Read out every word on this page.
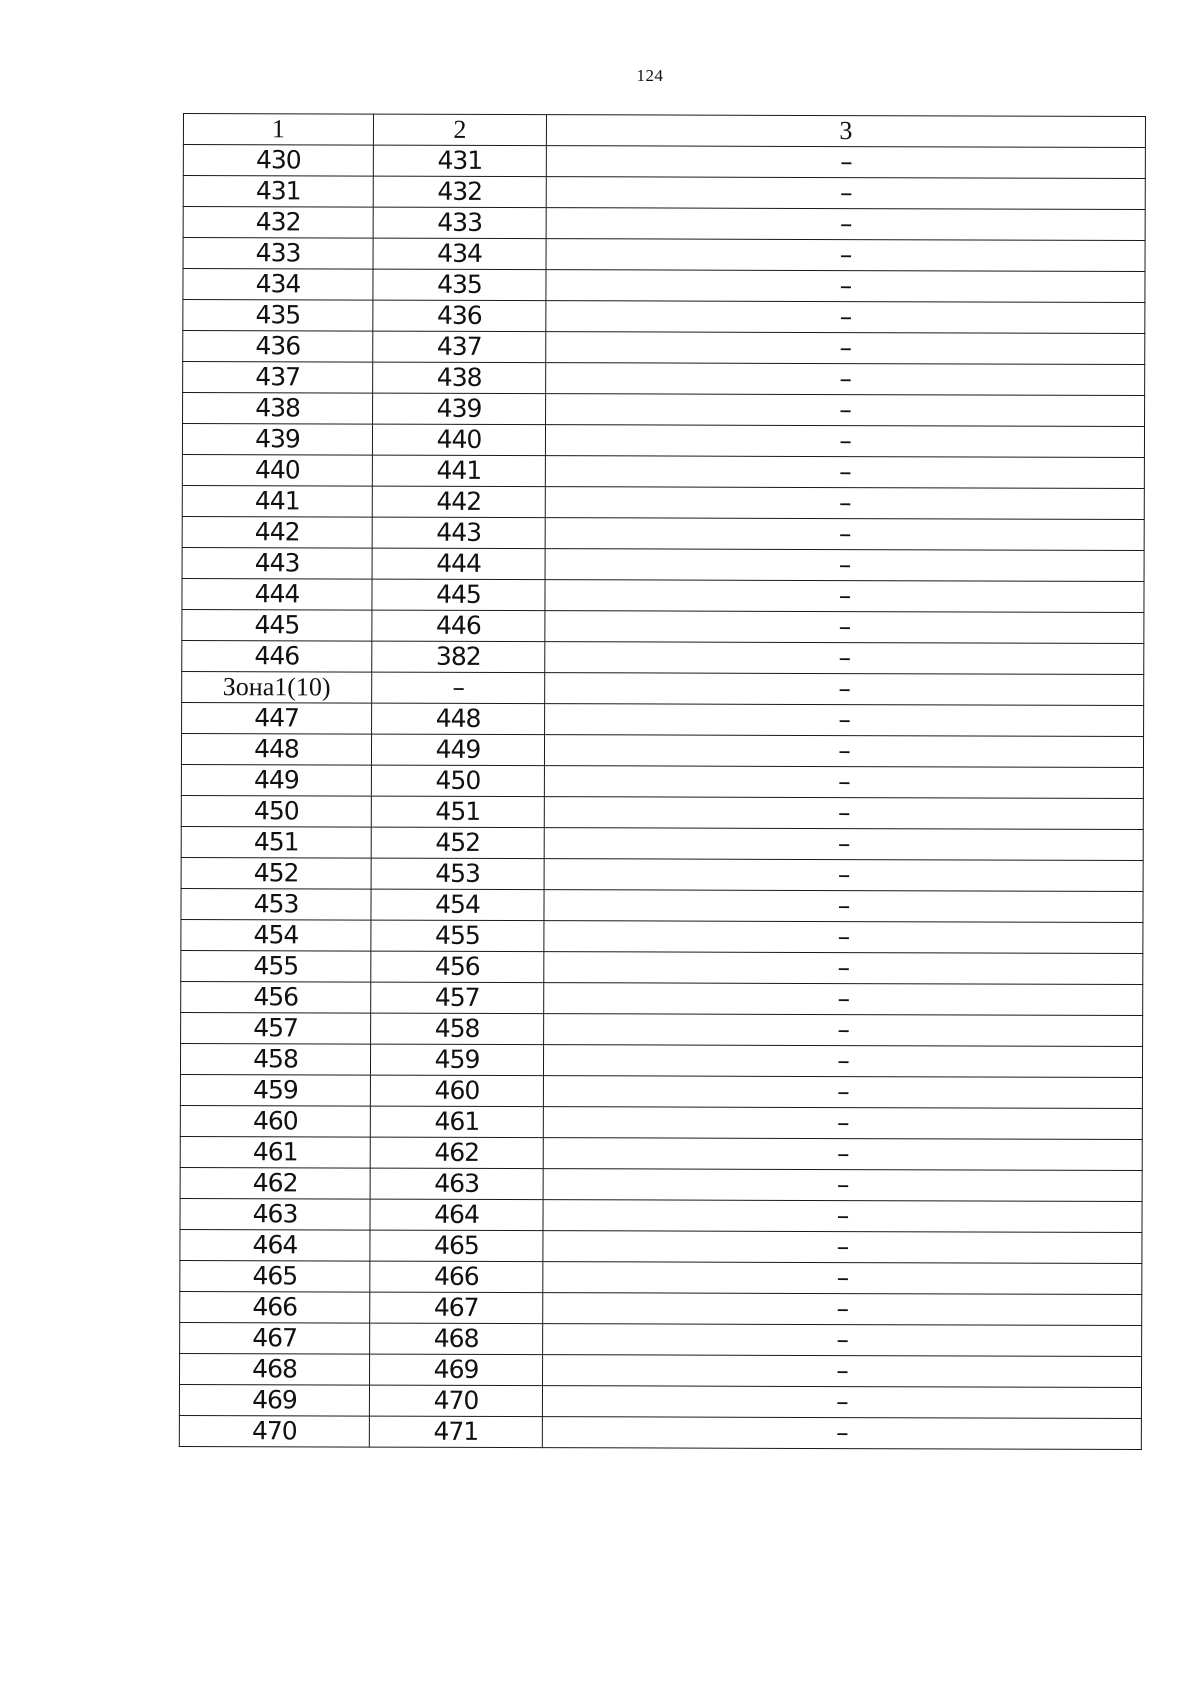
124
1	2	3
430	431	–
431	432	–
432	433	–
433	434	–
434	435	–
435	436	–
436	437	–
437	438	–
438	439	–
439	440	–
440	441	–
441	442	–
442	443	–
443	444	–
444	445	–
445	446	–
446	382	–
Зона1(10)	–	–
447	448	–
448	449	–
449	450	–
450	451	–
451	452	–
452	453	–
453	454	–
454	455	–
455	456	–
456	457	–
457	458	–
458	459	–
459	460	–
460	461	–
461	462	–
462	463	–
463	464	–
464	465	–
465	466	–
466	467	–
467	468	–
468	469	–
469	470	–
470	471	–
